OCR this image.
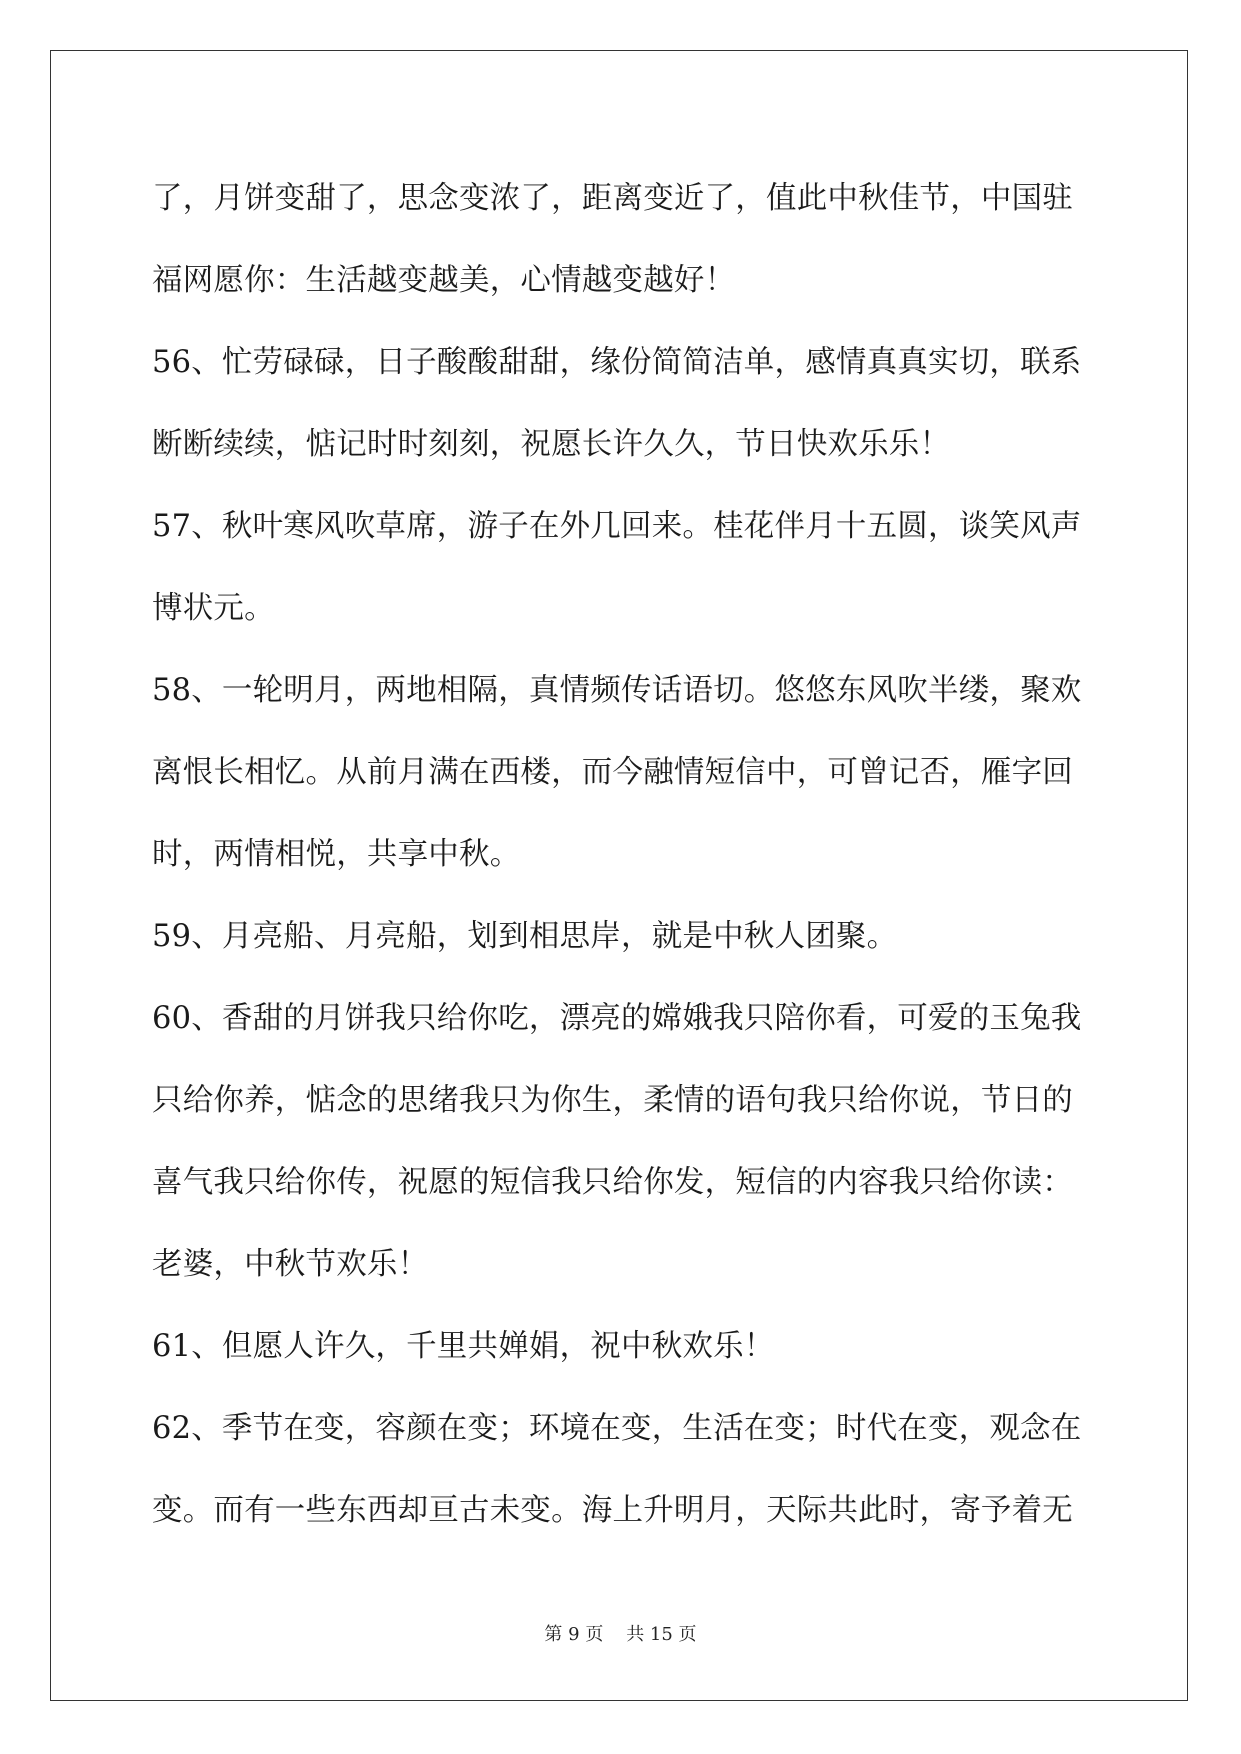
了，月饼变甜了，思念变浓了，距离变近了，值此中秋佳节，中国驻
福网愿你：生活越变越美，心情越变越好！
56、忙劳碌碌，日子酸酸甜甜，缘份简简洁单，感情真真实切，联系
断断续续，惦记时时刻刻，祝愿长许久久，节日快欢乐乐！
57、秋叶寒风吹草席，游子在外几回来。桂花伴月十五圆，谈笑风声
博状元。
58、一轮明月，两地相隔，真情频传话语切。悠悠东风吹半缕，聚欢
离恨长相忆。从前月满在西楼，而今融情短信中，可曾记否，雁字回
时，两情相悦，共享中秋。
59、月亮船、月亮船，划到相思岸，就是中秋人团聚。
60、香甜的月饼我只给你吃，漂亮的嫦娥我只陪你看，可爱的玉兔我
只给你养，惦念的思绪我只为你生，柔情的语句我只给你说，节日的
喜气我只给你传，祝愿的短信我只给你发，短信的内容我只给你读：
老婆，中秋节欢乐！
61、但愿人许久，千里共婵娟，祝中秋欢乐！
62、季节在变，容颜在变；环境在变，生活在变；时代在变，观念在
变。而有一些东西却亘古未变。海上升明月，天际共此时，寄予着无
第 9 页    共 15 页
